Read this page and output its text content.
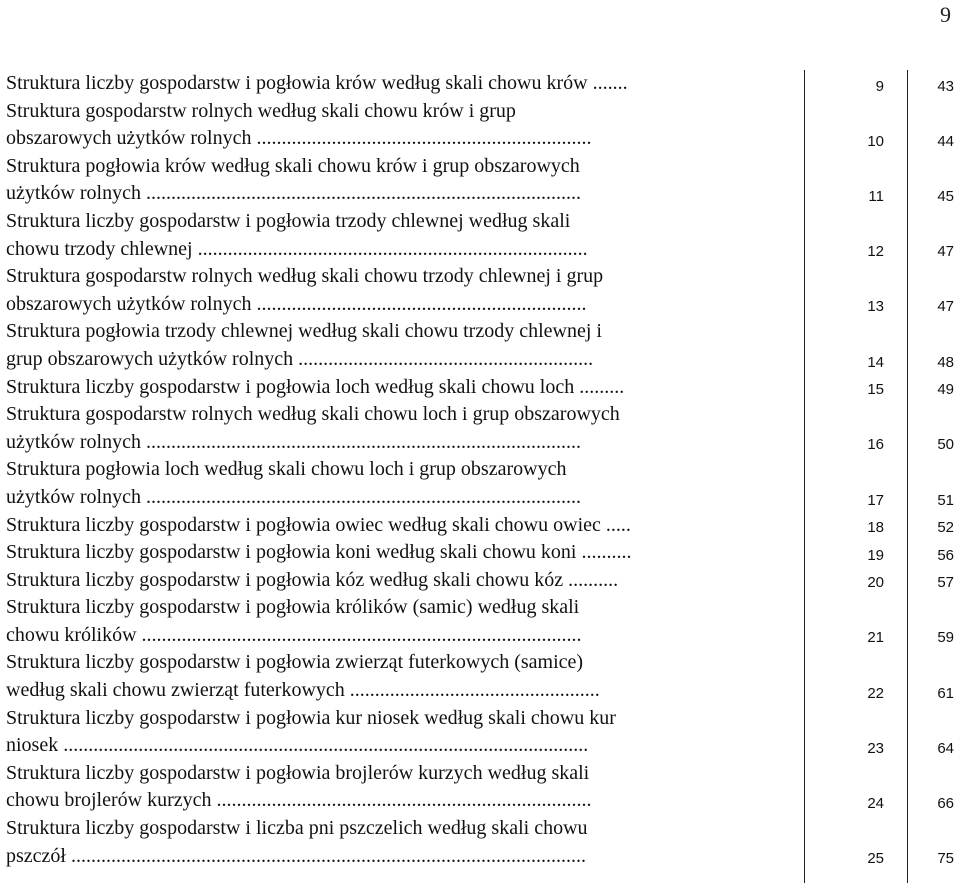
9
Struktura liczby gospodarstw i pogłowia krów według skali chowu krów .......	9	43
Struktura gospodarstw rolnych według skali chowu krów i grup
obszarowych użytków rolnych ...................................................................	10	44
Struktura pogłowia krów według skali chowu krów i grup obszarowych
użytków rolnych .......................................................................................	11	45
Struktura liczby gospodarstw i pogłowia trzody chlewnej według skali
chowu trzody chlewnej ..............................................................................	12	47
Struktura gospodarstw rolnych według skali chowu trzody chlewnej i grup
obszarowych użytków rolnych ..................................................................	13	47
Struktura pogłowia trzody chlewnej według skali chowu trzody chlewnej i
grup obszarowych użytków rolnych ...........................................................	14	48
Struktura liczby gospodarstw i pogłowia loch według skali chowu loch .........	15	49
Struktura gospodarstw rolnych według skali chowu loch i grup obszarowych
użytków rolnych .......................................................................................	16	50
Struktura pogłowia loch według skali chowu loch i grup obszarowych
użytków rolnych .......................................................................................	17	51
Struktura liczby gospodarstw i pogłowia owiec według skali chowu owiec .....	18	52
Struktura liczby gospodarstw i pogłowia koni według skali chowu koni ..........	19	56
Struktura liczby gospodarstw i pogłowia kóz według skali chowu kóz ..........	20	57
Struktura liczby gospodarstw i pogłowia królików (samic) według skali
chowu królików ........................................................................................	21	59
Struktura liczby gospodarstw i pogłowia zwierząt futerkowych (samice)
według skali chowu zwierząt futerkowych ..................................................	22	61
Struktura liczby gospodarstw i pogłowia kur niosek według skali chowu kur
niosek .........................................................................................................	23	64
Struktura liczby gospodarstw i pogłowia brojlerów kurzych według skali
chowu brojlerów kurzych ...........................................................................	24	66
Struktura liczby gospodarstw i liczba pni pszczelich według skali chowu
pszczół .......................................................................................................	25	75
